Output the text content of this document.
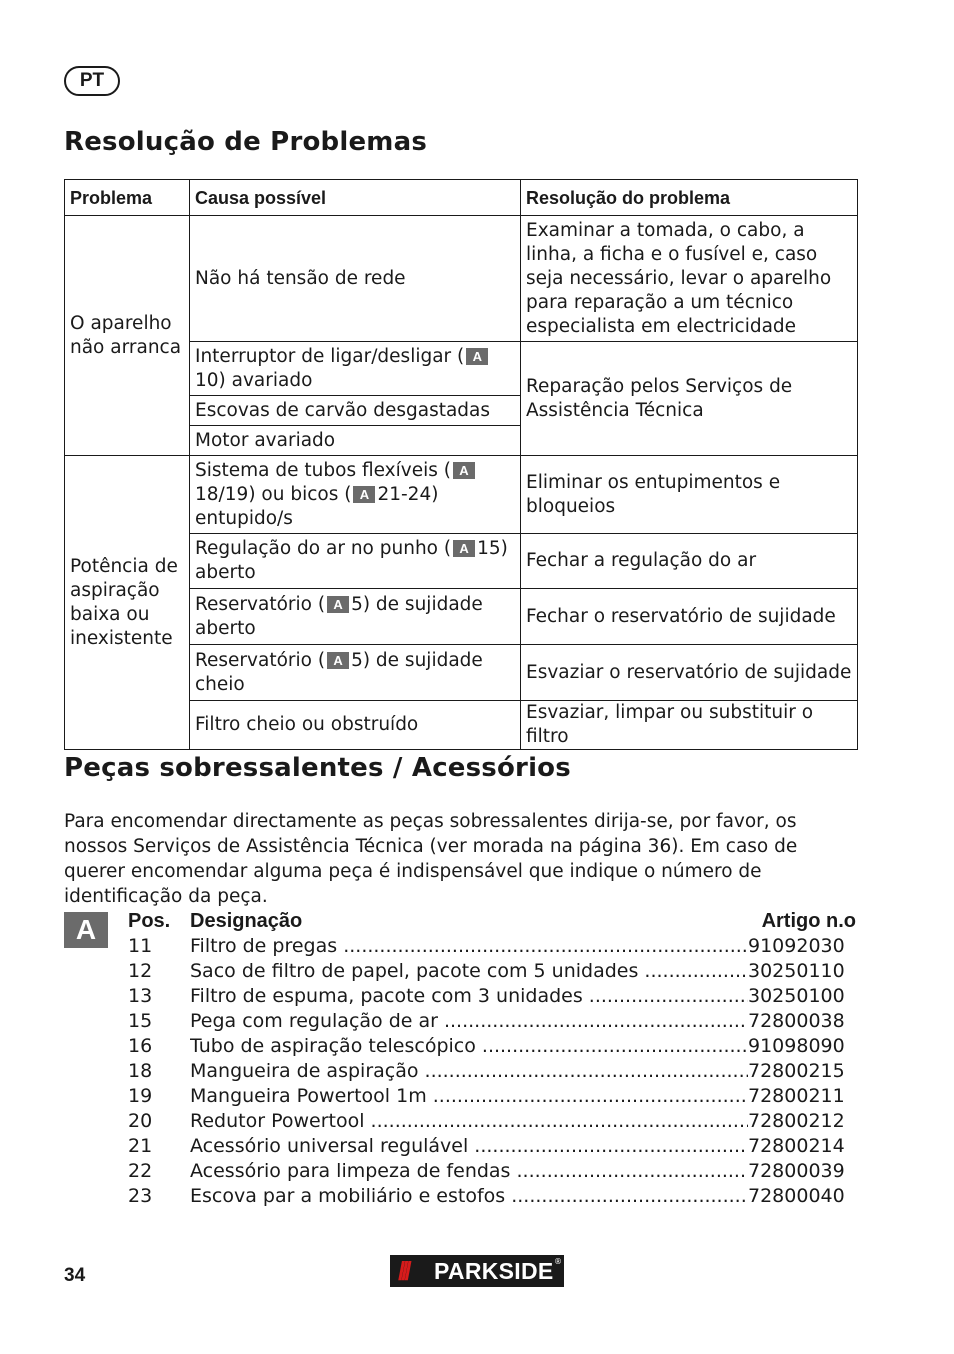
PT
Resolução de Problemas
Problema	Causa possível	Resolução do problema
O aparelho não arranca	Não há tensão de rede	Examinar a tomada, o cabo, a linha, a ficha e o fusível e, caso seja necessário, levar o aparelho para reparação a um técnico especialista em electricidade
	Interruptor de ligar/desligar ( A10) avariado	Reparação pelos Serviços de Assistência Técnica
	Escovas de carvão desgastadas	
	Motor avariado	
Potência de aspiração baixa ou inexistente	Sistema de tubos flexíveis ( A18/19) ou bicos ( A 21-24) entupido/s	Eliminar os entupimentos e bloqueios
	Regulação do ar no punho ( A 15) aberto	Fechar a regulação do ar
	Reservatório ( A 5) de sujidade aberto	Fechar o reservatório de sujidade
	Reservatório ( A 5) de sujidade cheio	Esvaziar o reservatório de sujidade
	Filtro cheio ou obstruído	Esvaziar, limpar ou substituir o filtro
Peças sobressalentes / Acessórios

Para encomendar directamente as peças sobressalentes dirija-se, por favor, os nossos Serviços de Assistência Técnica (ver morada na página 36). Em caso de querer encomendar alguma peça é indispensável que indique o número de identificação da peça.

A	Pos. Designação	Artigo n.o
11	Filtro de pregas .....	91092030
12	Saco de filtro de papel, pacote com 5 unidades .....	30250110
13	Filtro de espuma, pacote com 3 unidades .....	30250100
15	Pega com regulação de ar .....	72800038
16	Tubo de aspiração telescópico .....	91098090
18	Mangueira de aspiração .....	72800215
19	Mangueira Powertool 1m .....	72800211
20	Redutor Powertool .....	72800212
21	Acessório universal regulável .....	72800214
22	Acessório para limpeza de fendas .....	72800039
23	Escova par a mobiliário e estofos .....	72800040
34	///	PARKSIDE ®
